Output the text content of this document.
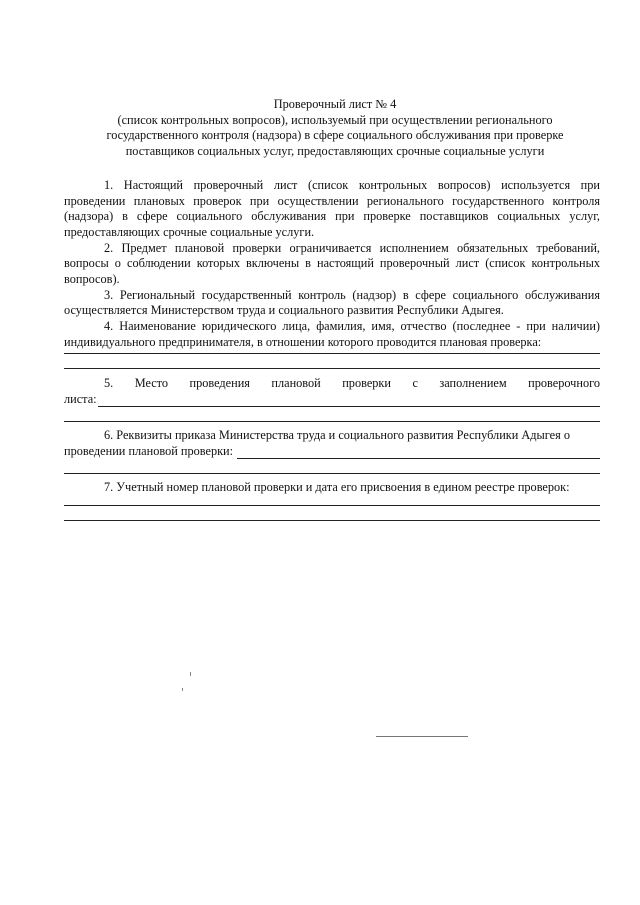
Проверочный лист № 4
(список контрольных вопросов), используемый при осуществлении регионального
государственного контроля (надзора) в сфере социального обслуживания при проверке
поставщиков социальных услуг, предоставляющих срочные социальные услуги

1. Настоящий проверочный лист (список контрольных вопросов) используется при проведении плановых проверок при осуществлении регионального государственного контроля (надзора) в сфере социального обслуживания при проверке поставщиков социальных услуг, предоставляющих срочные социальные услуги.

2. Предмет плановой проверки ограничивается исполнением обязательных требований, вопросы о соблюдении которых включены в настоящий проверочный лист (список контрольных вопросов).

3. Региональный государственный контроль (надзор) в сфере социального обслуживания осуществляется Министерством труда и социального развития Республики Адыгея.

4. Наименование юридического лица, фамилия, имя, отчество (последнее - при наличии) индивидуального предпринимателя, в отношении которого проводится плановая проверка:

5. Место проведения плановой проверки с заполнением проверочного
листа:

6. Реквизиты приказа Министерства труда и социального развития Республики Адыгея о

проведении плановой проверки:

7. Учетный номер плановой проверки и дата его присвоения в едином реестре проверок:
